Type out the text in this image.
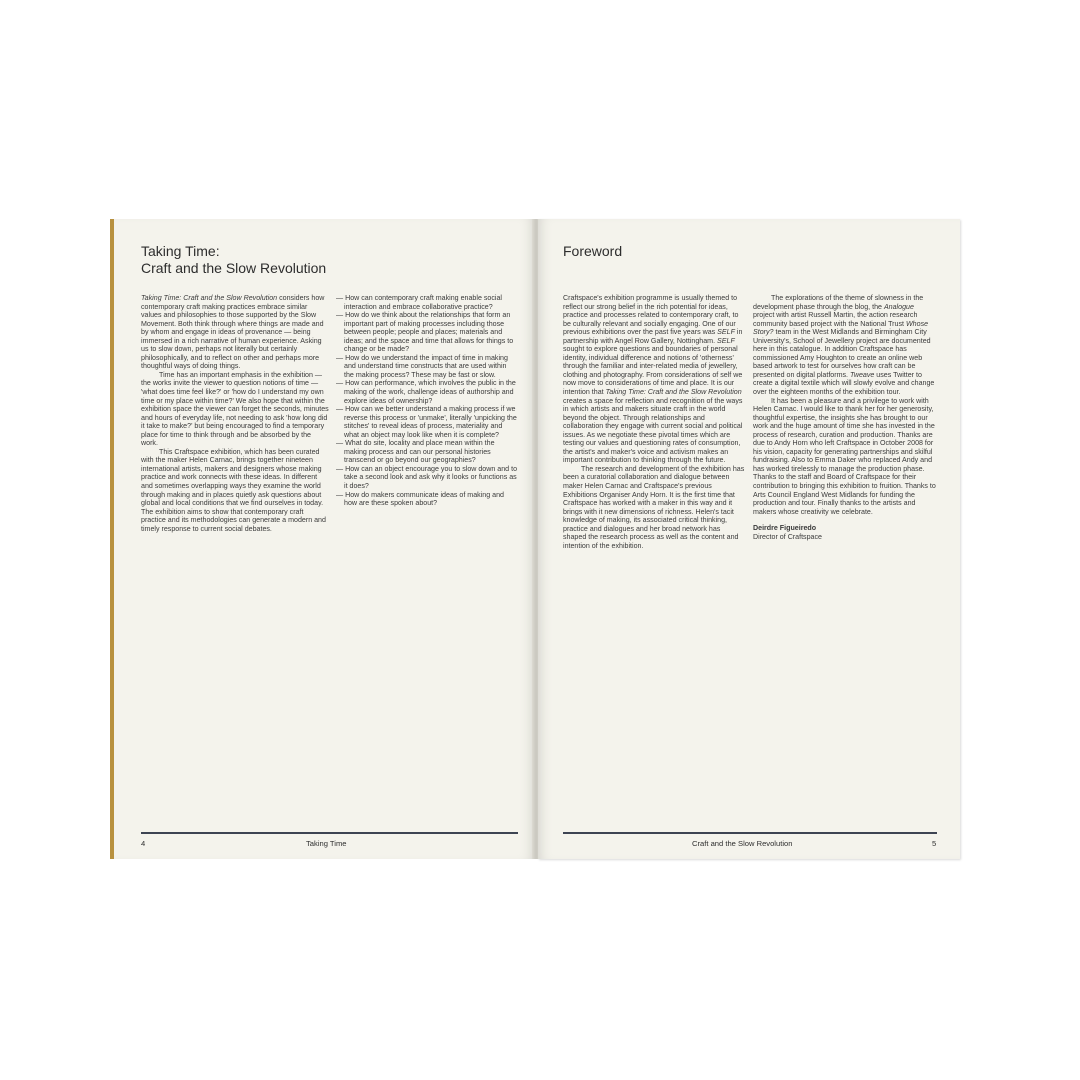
Taking Time:
Craft and the Slow Revolution

Taking Time: Craft and the Slow Revolution considers how contemporary craft making practices embrace similar values and philosophies to those supported by the Slow Movement. Both think through where things are made and by whom and engage in ideas of provenance — being immersed in a rich narrative of human experience. Asking us to slow down, perhaps not literally but certainly philosophically, and to reflect on other and perhaps more thoughtful ways of doing things.

Time has an important emphasis in the exhibition — the works invite the viewer to question notions of time — 'what does time feel like?' or 'how do I understand my own time or my place within time?' We also hope that within the exhibition space the viewer can forget the seconds, minutes and hours of everyday life, not needing to ask 'how long did it take to make?' but being encouraged to find a temporary place for time to think through and be absorbed by the work.

This Craftspace exhibition, which has been curated with the maker Helen Carnac, brings together nineteen international artists, makers and designers whose making practice and work connects with these ideas. In different and sometimes overlapping ways they examine the world through making and in places quietly ask questions about global and local conditions that we find ourselves in today. The exhibition aims to show that contemporary craft practice and its methodologies can generate a modern and timely response to current social debates.

— How can contemporary craft making enable social interaction and embrace collaborative practice?
— How do we think about the relationships that form an important part of making processes including those between people; people and places; materials and ideas; and the space and time that allows for things to change or be made?
— How do we understand the impact of time in making and understand time constructs that are used within the making process? These may be fast or slow.
— How can performance, which involves the public in the making of the work, challenge ideas of authorship and explore ideas of ownership?
— How can we better understand a making process if we reverse this process or 'unmake', literally 'unpicking the stitches' to reveal ideas of process, materiality and what an object may look like when it is complete?
— What do site, locality and place mean within the making process and can our personal histories transcend or go beyond our geographies?
— How can an object encourage you to slow down and to take a second look and ask why it looks or functions as it does?
— How do makers communicate ideas of making and how are these spoken about?
4	Taking Time
Foreword

Craftspace's exhibition programme is usually themed to reflect our strong belief in the rich potential for ideas, practice and processes related to contemporary craft, to be culturally relevant and socially engaging. One of our previous exhibitions over the past five years was SELF in partnership with Angel Row Gallery, Nottingham. SELF sought to explore questions and boundaries of personal identity, individual difference and notions of 'otherness' through the familiar and inter-related media of jewellery, clothing and photography. From considerations of self we now move to considerations of time and place. It is our intention that Taking Time: Craft and the Slow Revolution creates a space for reflection and recognition of the ways in which artists and makers situate craft in the world beyond the object. Through relationships and collaboration they engage with current social and political issues. As we negotiate these pivotal times which are testing our values and questioning rates of consumption, the artist's and maker's voice and activism makes an important contribution to thinking through the future.

The research and development of the exhibition has been a curatorial collaboration and dialogue between maker Helen Carnac and Craftspace's previous Exhibitions Organiser Andy Horn. It is the first time that Craftspace has worked with a maker in this way and it brings with it new dimensions of richness. Helen's tacit knowledge of making, its associated critical thinking, practice and dialogues and her broad network has shaped the research process as well as the content and intention of the exhibition.

The explorations of the theme of slowness in the development phase through the blog, the Analogue project with artist Russell Martin, the action research community based project with the National Trust Whose Story? team in the West Midlands and Birmingham City University's, School of Jewellery project are documented here in this catalogue. In addition Craftspace has commissioned Amy Houghton to create an online web based artwork to test for ourselves how craft can be presented on digital platforms. Tweave uses Twitter to create a digital textile which will slowly evolve and change over the eighteen months of the exhibition tour.

It has been a pleasure and a privilege to work with Helen Carnac. I would like to thank her for her generosity, thoughtful expertise, the insights she has brought to our work and the huge amount of time she has invested in the process of research, curation and production. Thanks are due to Andy Horn who left Craftspace in October 2008 for his vision, capacity for generating partnerships and skilful fundraising. Also to Emma Daker who replaced Andy and has worked tirelessly to manage the production phase. Thanks to the staff and Board of Craftspace for their contribution to bringing this exhibition to fruition. Thanks to Arts Council England West Midlands for funding the production and tour. Finally thanks to the artists and makers whose creativity we celebrate.

Deirdre Figueiredo

Director of Craftspace

Craft and the Slow Revolution	5
